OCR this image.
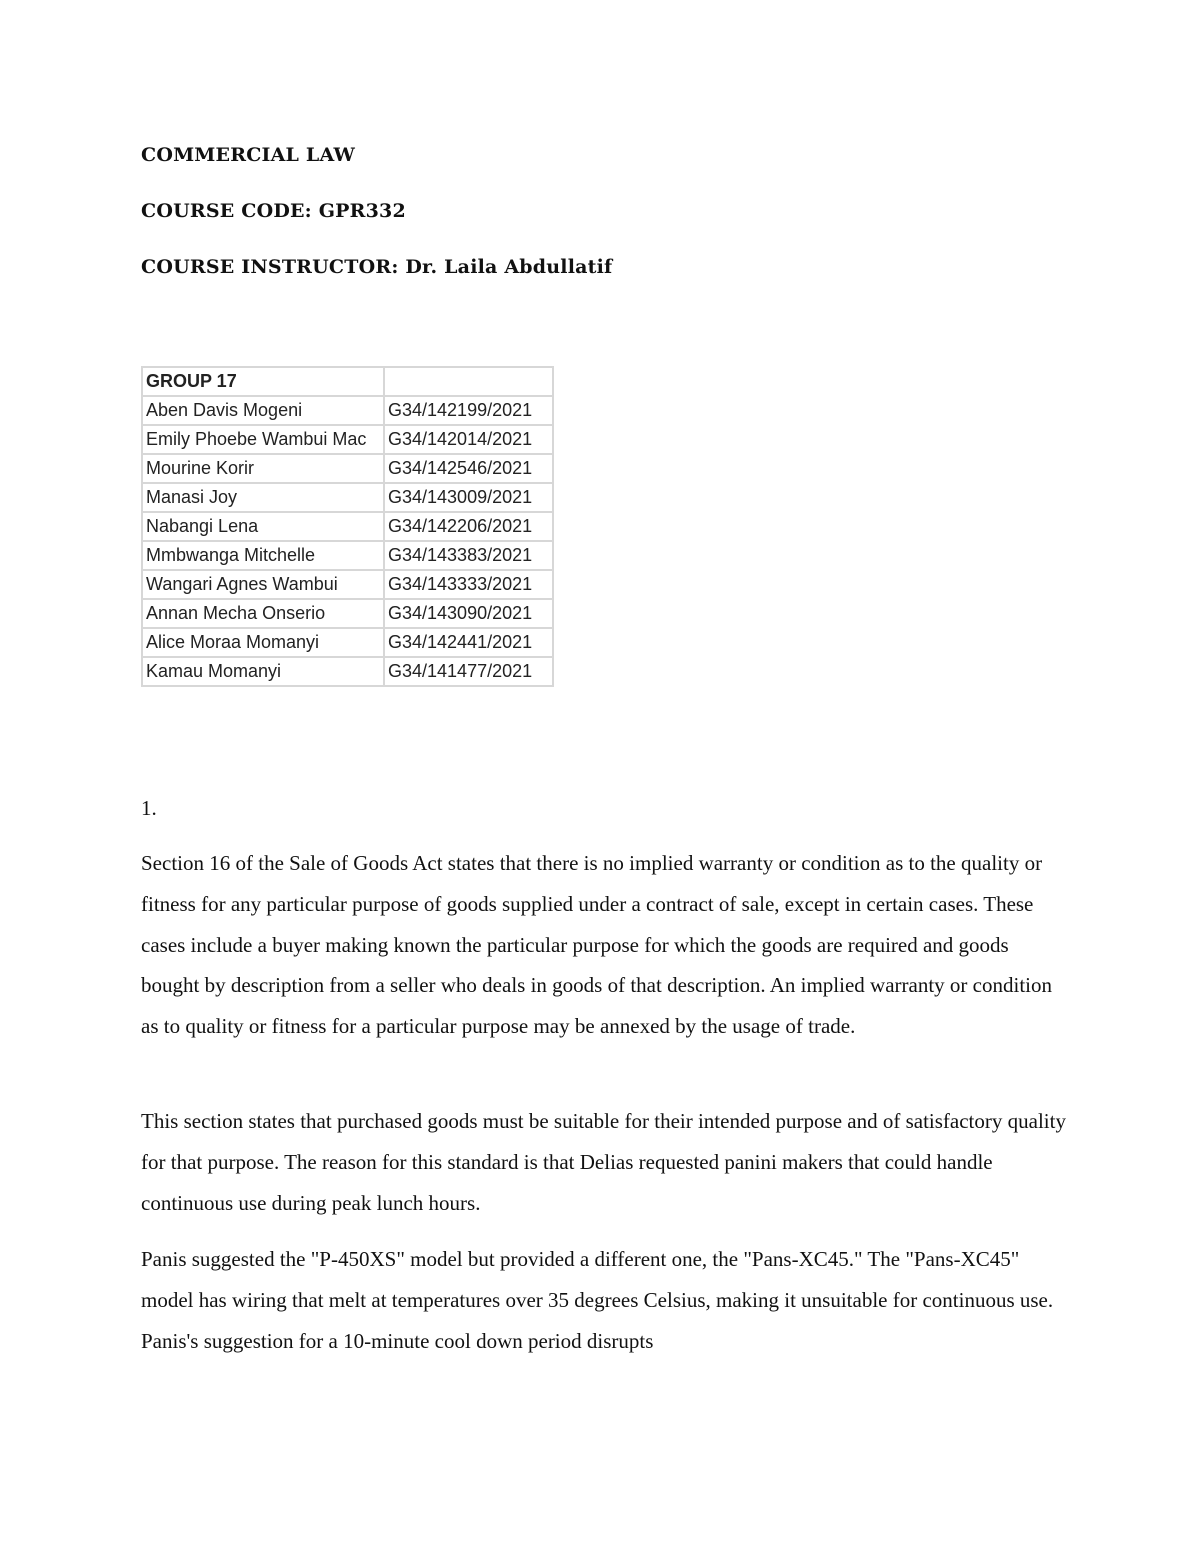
COMMERCIAL LAW
COURSE CODE: GPR332
COURSE INSTRUCTOR: Dr. Laila Abdullatif
GROUP 17	
Aben Davis Mogeni	G34/142199/2021
Emily Phoebe Wambui Mac	G34/142014/2021
Mourine Korir	G34/142546/2021
Manasi Joy	G34/143009/2021
Nabangi Lena	G34/142206/2021
Mmbwanga Mitchelle	G34/143383/2021
Wangari Agnes Wambui	G34/143333/2021
Annan Mecha Onserio	G34/143090/2021
Alice Moraa Momanyi	G34/142441/2021
Kamau Momanyi	G34/141477/2021
1.

Section 16 of the Sale of Goods Act states that there is no implied warranty or condition as to the quality or fitness for any particular purpose of goods supplied under a contract of sale, except in certain cases. These cases include a buyer making known the particular purpose for which the goods are required and goods bought by description from a seller who deals in goods of that description. An implied warranty or condition as to quality or fitness for a particular purpose may be annexed by the usage of trade.

This section states that purchased goods must be suitable for their intended purpose and of satisfactory quality for that purpose. The reason for this standard is that Delias requested panini makers that could handle continuous use during peak lunch hours.

Panis suggested the "P-450XS" model but provided a different one, the "Pans-XC45." The "Pans-XC45" model has wiring that melt at temperatures over 35 degrees Celsius, making it unsuitable for continuous use. Panis's suggestion for a 10-minute cool down period disrupts
